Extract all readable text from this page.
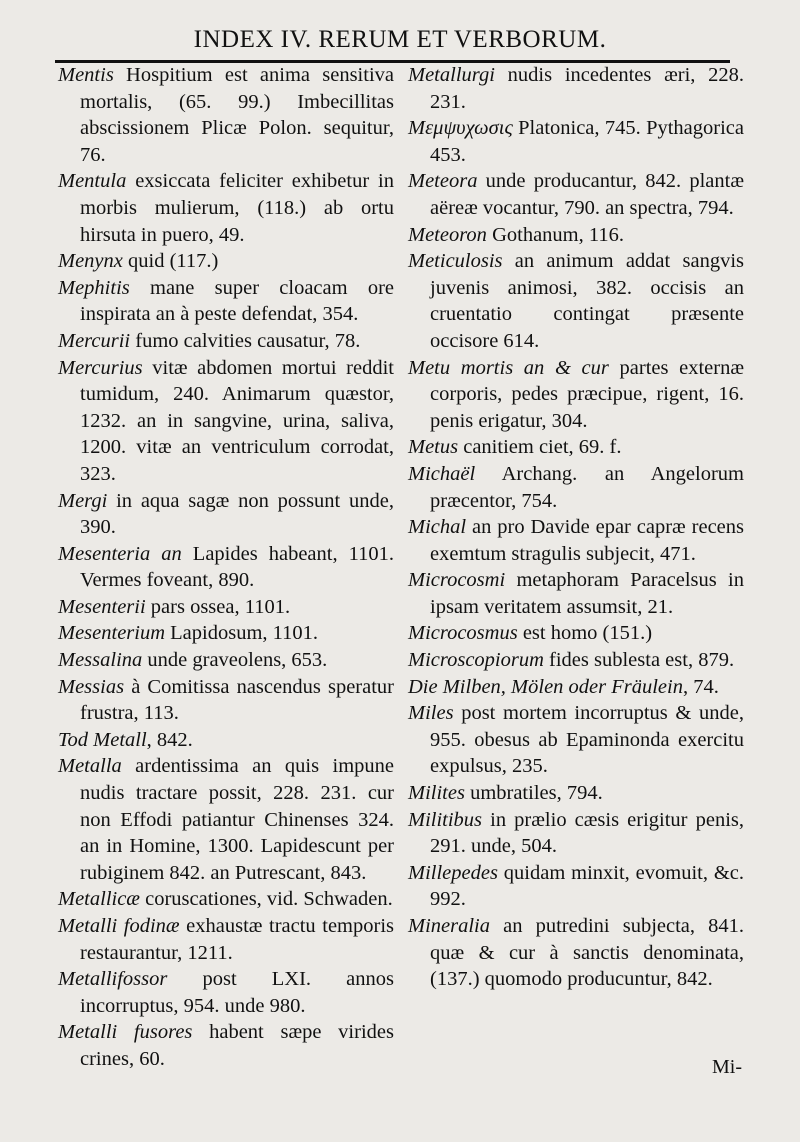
INDEX IV. RERUM ET VERBORUM.

Mentis Hospitium est anima sensitiva mortalis, (65. 99.) Imbecillitas abscissionem Plicæ Polon. sequitur, 76.

Mentula exsiccata feliciter exhibetur in morbis mulierum, (118.) ab ortu hirsuta in puero, 49.

Menynx quid (117.)

Mephitis mane super cloacam ore inspirata an à peste defendat, 354.

Mercurii fumo calvities causatur, 78.

Mercurius vitæ abdomen mortui reddit tumidum, 240. Animarum quæstor, 1232. an in sangvine, urina, saliva, 1200. vitæ an ventriculum corrodat, 323.

Mergi in aqua sagæ non possunt unde, 390.

Mesenteria an Lapides habeant, 1101. Vermes foveant, 890.

Mesenterii pars ossea, 1101.

Mesenterium Lapidosum, 1101.

Messalina unde graveolens, 653.

Messias à Comitissa nascendus speratur frustra, 113.

Tod Metall, 842.

Metalla ardentissima an quis impune nudis tractare possit, 228. 231. cur non Effodi patiantur Chinenses 324. an in Homine, 1300. Lapidescunt per rubiginem 842. an Putrescant, 843.

Metallicæ coruscationes, vid. Schwaden.

Metalli fodinæ exhaustæ tractu temporis restaurantur, 1211.

Metallifossor post LXI. annos incorruptus, 954. unde 980.

Metalli fusores habent sæpe virides crines, 60.

Metallurgi nudis incedentes æri, 228. 231.

Μεμψυχωσις Platonica, 745. Pythagorica 453.

Meteora unde producantur, 842. plantæ aëreæ vocantur, 790. an spectra, 794.

Meteoron Gothanum, 116.

Meticulosis an animum addat sangvis juvenis animosi, 382. occisis an cruentatio contingat præsente occisore 614.

Metu mortis an & cur partes externæ corporis, pedes præcipue, rigent, 16. penis erigatur, 304.

Metus canitiem ciet, 69. f.

Michaël Archang. an Angelorum præcentor, 754.

Michal an pro Davide epar capræ recens exemtum stragulis subjecit, 471.

Microcosmi metaphoram Paracelsus in ipsam veritatem assumsit, 21.

Microcosmus est homo (151.)

Microscopiorum fides sublesta est, 879.

Die Milben, Mölen oder Fräulein, 74.

Miles post mortem incorruptus & unde, 955. obesus ab Epaminonda exercitu expulsus, 235.

Milites umbratiles, 794.

Militibus in prælio cæsis erigitur penis, 291. unde, 504.

Millepedes quidam minxit, evomuit, &c. 992.

Mineralia an putredini subjecta, 841. quæ & cur à sanctis denominata, (137.) quomodo producuntur, 842.

Mi-
